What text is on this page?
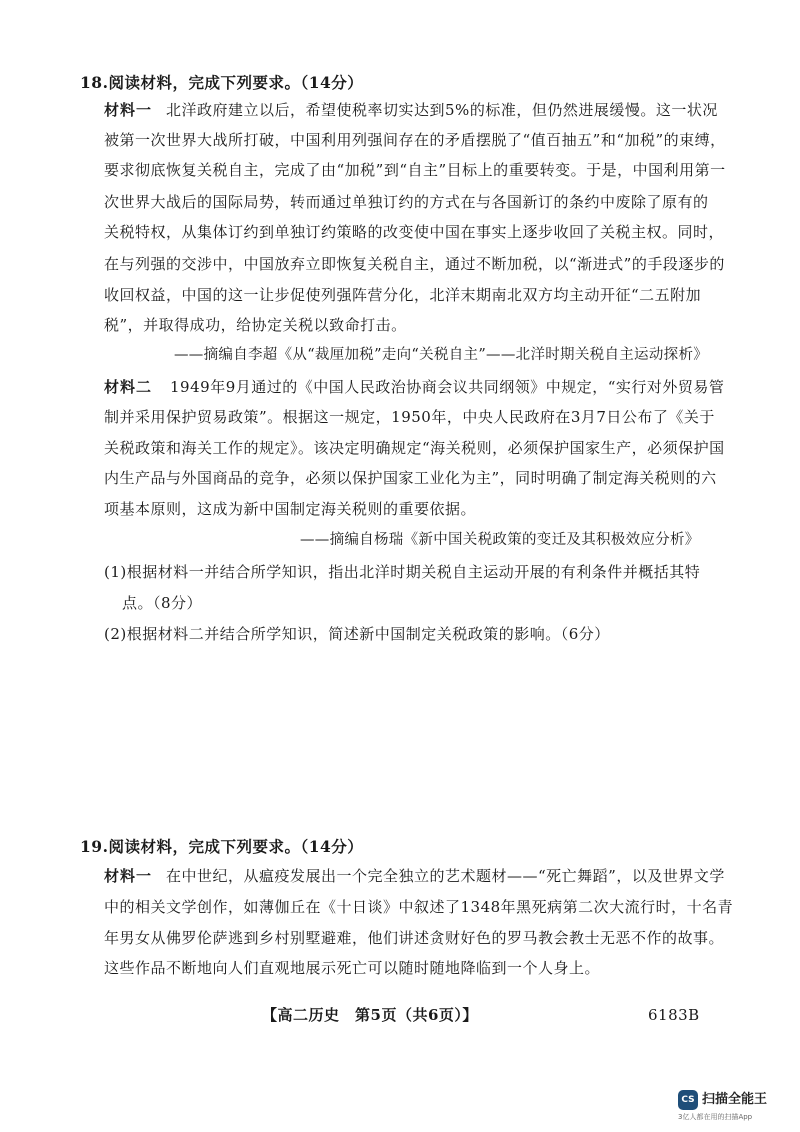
18.阅读材料，完成下列要求。（14分）
材料一 北洋政府建立以后，希望使税率切实达到5%的标准，但仍然进展缓慢。这一状况
被第一次世界大战所打破，中国利用列强间存在的矛盾摆脱了“值百抽五”和“加税”的束缚，
要求彻底恢复关税自主，完成了由“加税”到“自主”目标上的重要转变。于是，中国利用第一
次世界大战后的国际局势，转而通过单独订约的方式在与各国新订的条约中废除了原有的
关税特权，从集体订约到单独订约策略的改变使中国在事实上逐步收回了关税主权。同时，
在与列强的交涉中，中国放弃立即恢复关税自主，通过不断加税，以“渐进式”的手段逐步的
收回权益，中国的这一让步促使列强阵营分化，北洋末期南北双方均主动开征“二五附加
税”，并取得成功，给协定关税以致命打击。
——摘编自李超《从“裁厘加税”走向“关税自主”——北洋时期关税自主运动探析》
材料二 1949年9月通过的《中国人民政治协商会议共同纲领》中规定，“实行对外贸易管
制并采用保护贸易政策”。根据这一规定，1950年，中央人民政府在3月7日公布了《关于
关税政策和海关工作的规定》。该决定明确规定“海关税则，必须保护国家生产，必须保护国
内生产品与外国商品的竞争，必须以保护国家工业化为主”，同时明确了制定海关税则的六
项基本原则，这成为新中国制定海关税则的重要依据。
——摘编自杨瑞《新中国关税政策的变迁及其积极效应分析》
(1)根据材料一并结合所学知识，指出北洋时期关税自主运动开展的有利条件并概括其特
点。（8分）
(2)根据材料二并结合所学知识，简述新中国制定关税政策的影响。（6分）
19.阅读材料，完成下列要求。（14分）
材料一 在中世纪，从瘟疫发展出一个完全独立的艺术题材——“死亡舞蹈”，以及世界文学
中的相关文学创作，如薄伽丘在《十日谈》中叙述了1348年黑死病第二次大流行时，十名青
年男女从佛罗伦萨逃到乡村别墅避难，他们讲述贪财好色的罗马教会教士无恶不作的故事。
这些作品不断地向人们直观地展示死亡可以随时随地降临到一个人身上。
【高二历史　第5页（共6页）】	6183B
CS 扫描全能王
3亿人都在用的扫描App
